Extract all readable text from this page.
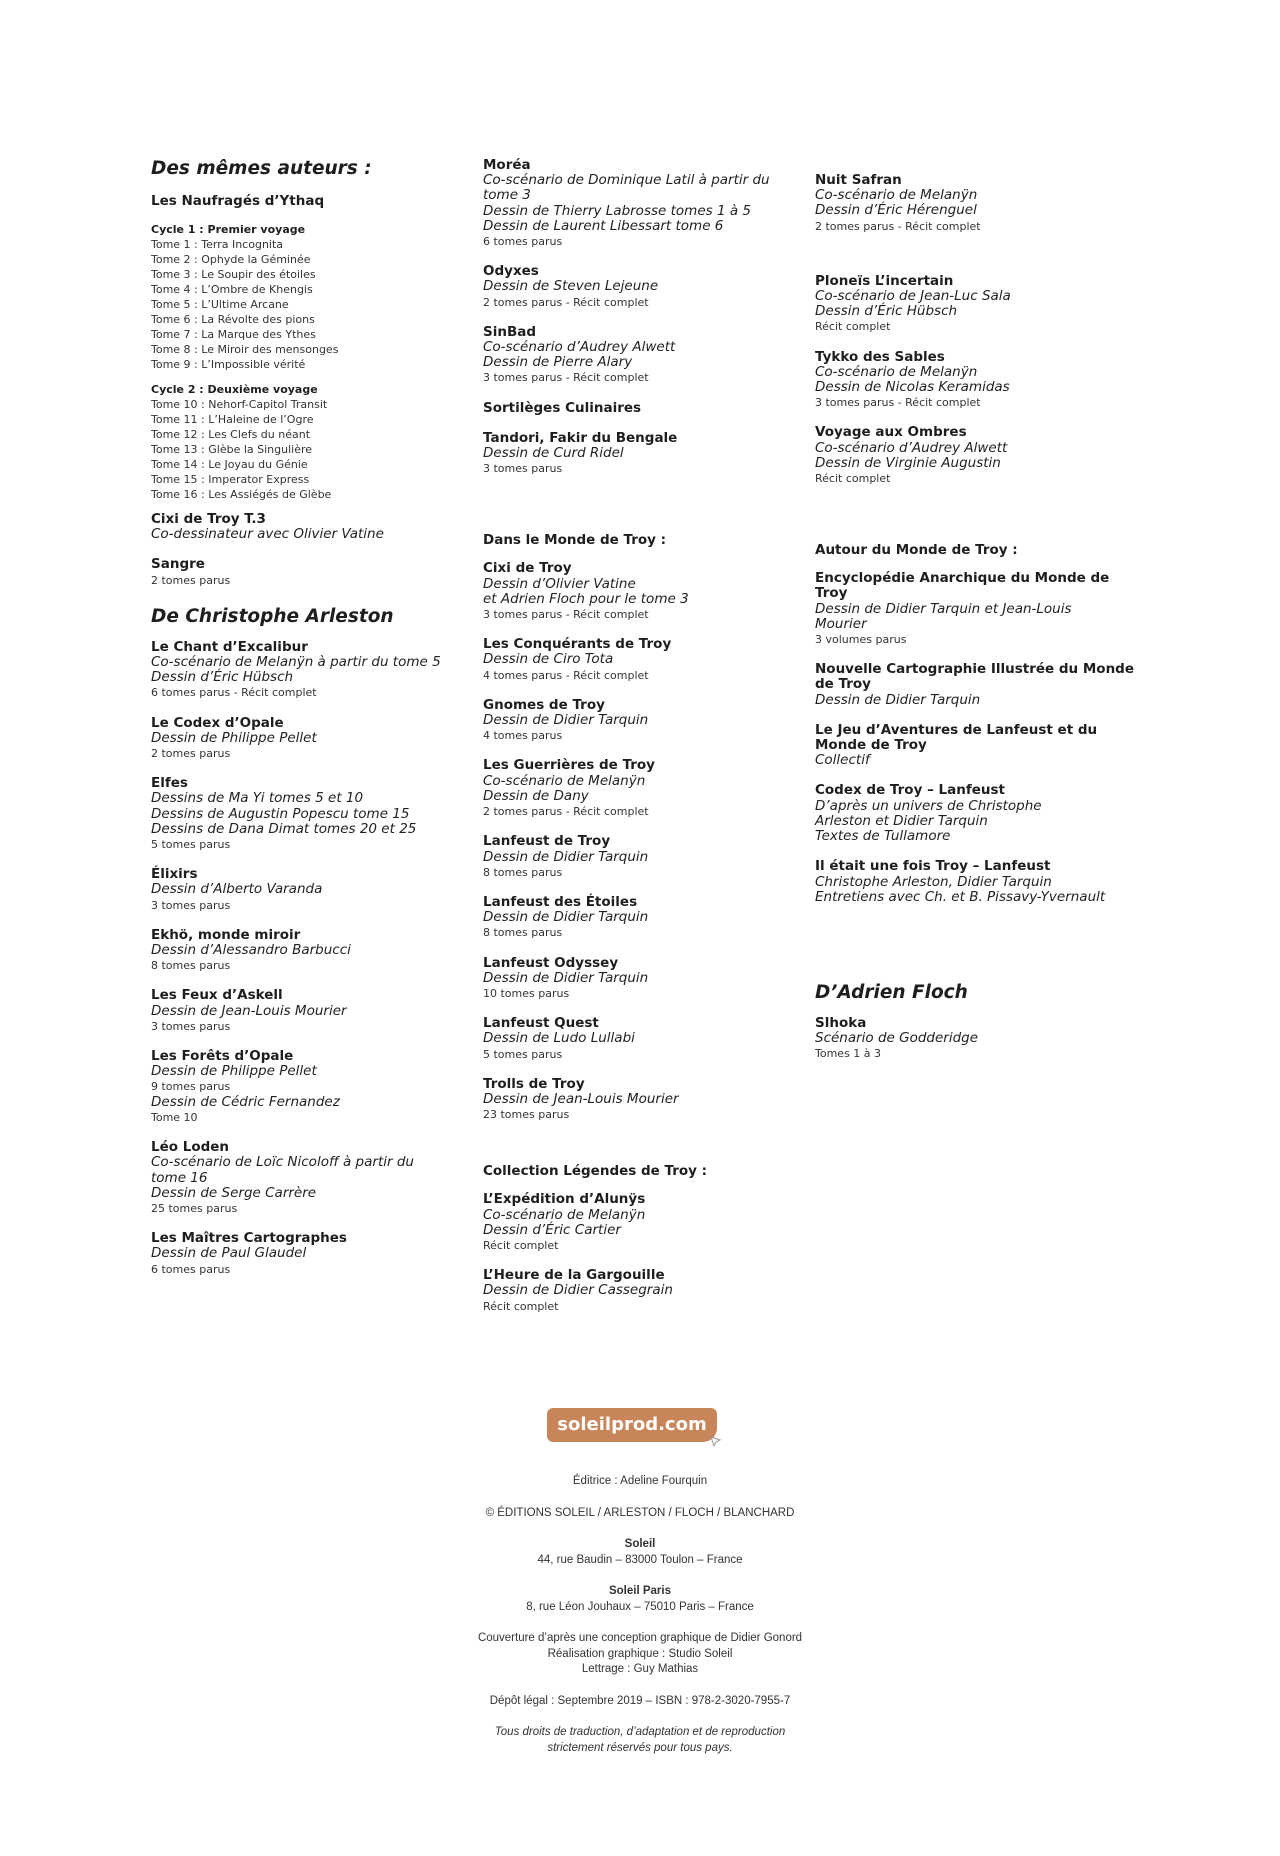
Des mêmes auteurs :
Les Naufragés d’Ythaq
Cycle 1 : Premier voyage
Tome 1 : Terra Incognita
Tome 2 : Ophyde la Géminée
Tome 3 : Le Soupir des étoiles
Tome 4 : L’Ombre de Khengis
Tome 5 : L’Ultime Arcane
Tome 6 : La Révolte des pions
Tome 7 : La Marque des Ythes
Tome 8 : Le Miroir des mensonges
Tome 9 : L’Impossible vérité
Cycle 2 : Deuxième voyage
Tome 10 : Nehorf-Capitol Transit
Tome 11 : L’Haleine de l’Ogre
Tome 12 : Les Clefs du néant
Tome 13 : Glèbe la Singulière
Tome 14 : Le Joyau du Génie
Tome 15 : Imperator Express
Tome 16 : Les Assiégés de Glèbe
Cixi de Troy T.3
Co-dessinateur avec Olivier Vatine
Sangre
2 tomes parus
De Christophe Arleston
Le Chant d’Excalibur
Co-scénario de Melanÿn à partir du tome 5
Dessin d’Éric Hübsch
6 tomes parus - Récit complet
Le Codex d’Opale
Dessin de Philippe Pellet
2 tomes parus
Elfes
Dessins de Ma Yi tomes 5 et 10
Dessins de Augustin Popescu tome 15
Dessins de Dana Dimat tomes 20 et 25
5 tomes parus
Élixirs
Dessin d’Alberto Varanda
3 tomes parus
Ekhö, monde miroir
Dessin d’Alessandro Barbucci
8 tomes parus
Les Feux d’Askell
Dessin de Jean-Louis Mourier
3 tomes parus
Les Forêts d’Opale
Dessin de Philippe Pellet
9 tomes parus
Dessin de Cédric Fernandez
Tome 10
Léo Loden
Co-scénario de Loïc Nicoloff à partir du
tome 16
Dessin de Serge Carrère
25 tomes parus
Les Maîtres Cartographes
Dessin de Paul Glaudel
6 tomes parus
Moréa
Co-scénario de Dominique Latil à partir du
tome 3
Dessin de Thierry Labrosse tomes 1 à 5
Dessin de Laurent Libessart tome 6
6 tomes parus
Odyxes
Dessin de Steven Lejeune
2 tomes parus - Récit complet
SinBad
Co-scénario d’Audrey Alwett
Dessin de Pierre Alary
3 tomes parus - Récit complet
Sortilèges Culinaires
Tandori, Fakir du Bengale
Dessin de Curd Ridel
3 tomes parus
Dans le Monde de Troy :
Cixi de Troy
Dessin d’Olivier Vatine
et Adrien Floch pour le tome 3
3 tomes parus - Récit complet
Les Conquérants de Troy
Dessin de Ciro Tota
4 tomes parus - Récit complet
Gnomes de Troy
Dessin de Didier Tarquin
4 tomes parus
Les Guerrières de Troy
Co-scénario de Melanÿn
Dessin de Dany
2 tomes parus - Récit complet
Lanfeust de Troy
Dessin de Didier Tarquin
8 tomes parus
Lanfeust des Étoiles
Dessin de Didier Tarquin
8 tomes parus
Lanfeust Odyssey
Dessin de Didier Tarquin
10 tomes parus
Lanfeust Quest
Dessin de Ludo Lullabi
5 tomes parus
Trolls de Troy
Dessin de Jean-Louis Mourier
23 tomes parus
Collection Légendes de Troy :
L’Expédition d’Alunÿs
Co-scénario de Melanÿn
Dessin d’Éric Cartier
Récit complet
L’Heure de la Gargouille
Dessin de Didier Cassegrain
Récit complet
Nuit Safran
Co-scénario de Melanÿn
Dessin d’Éric Hérenguel
2 tomes parus - Récit complet
Ploneïs L’incertain
Co-scénario de Jean-Luc Sala
Dessin d’Éric Hübsch
Récit complet
Tykko des Sables
Co-scénario de Melanÿn
Dessin de Nicolas Keramidas
3 tomes parus - Récit complet
Voyage aux Ombres
Co-scénario d’Audrey Alwett
Dessin de Virginie Augustin
Récit complet
Autour du Monde de Troy :
Encyclopédie Anarchique du Monde de
Troy
Dessin de Didier Tarquin et Jean-Louis
Mourier
3 volumes parus
Nouvelle Cartographie Illustrée du Monde
de Troy
Dessin de Didier Tarquin
Le Jeu d’Aventures de Lanfeust et du
Monde de Troy
Collectif
Codex de Troy – Lanfeust
D’après un univers de Christophe
Arleston et Didier Tarquin
Textes de Tullamore
Il était une fois Troy – Lanfeust
Christophe Arleston, Didier Tarquin
Entretiens avec Ch. et B. Pissavy-Yvernault
D’Adrien Floch
Slhoka
Scénario de Godderidge
Tomes 1 à 3
soleilprod.com

Éditrice : Adeline Fourquin

© ÉDITIONS SOLEIL / ARLESTON / FLOCH / BLANCHARD

Soleil
44, rue Baudin – 83000 Toulon – France

Soleil Paris
8, rue Léon Jouhaux – 75010 Paris – France

Couverture d’après une conception graphique de Didier Gonord
Réalisation graphique : Studio Soleil
Lettrage : Guy Mathias

Dépôt légal : Septembre 2019 – ISBN : 978-2-3020-7955-7

Tous droits de traduction, d’adaptation et de reproduction
strictement réservés pour tous pays.
